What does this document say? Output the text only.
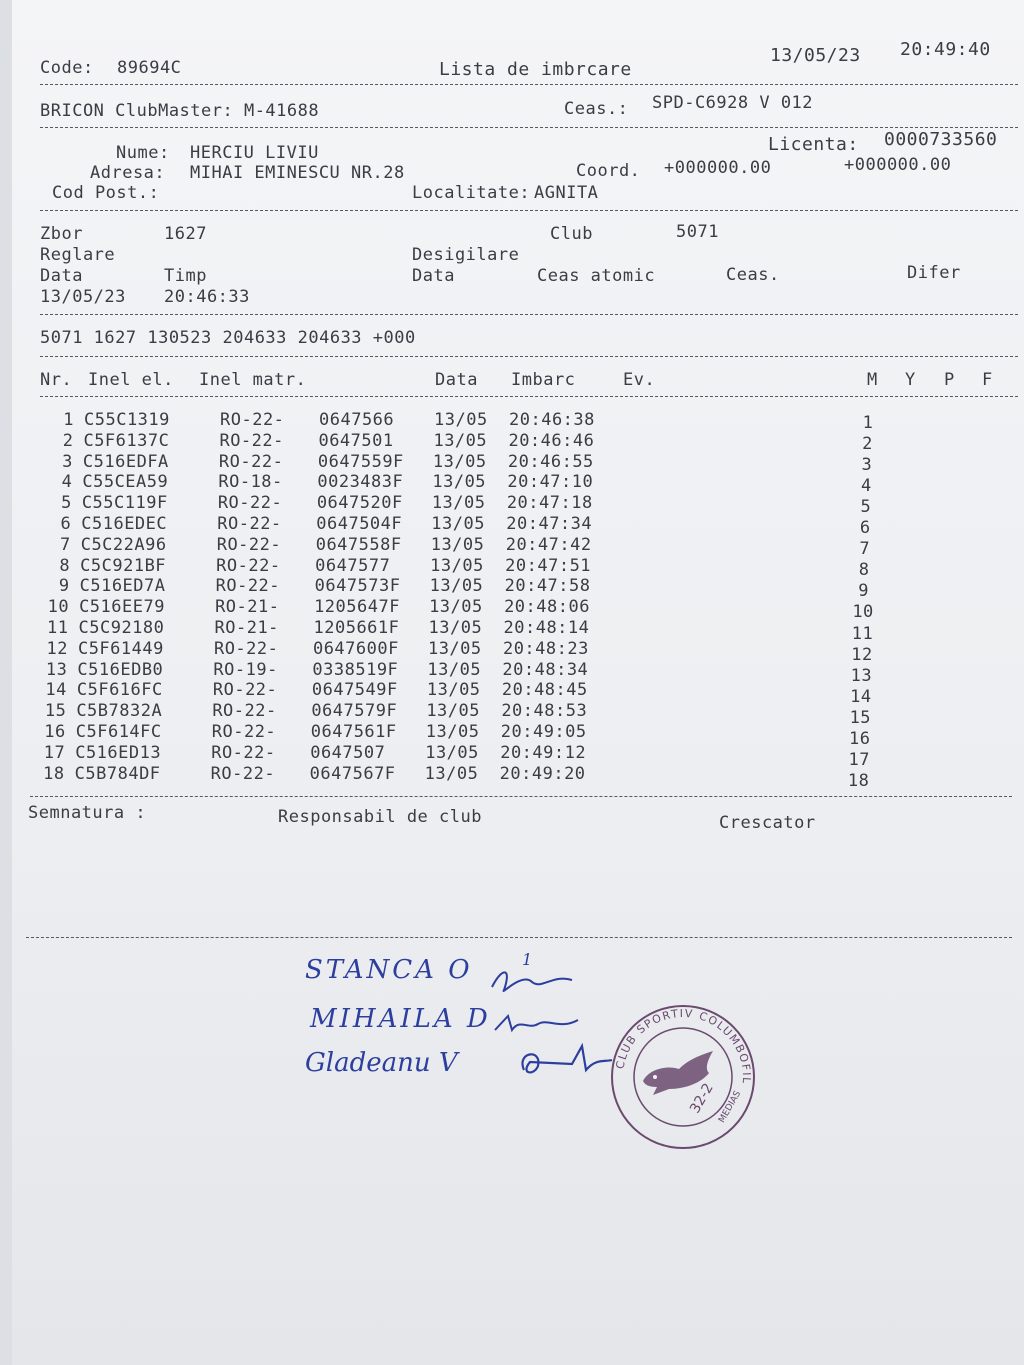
Code: 89694C	Lista de imbrcare
13/05/23 20:49:40
BRICON ClubMaster: M-41688	Ceas.: SPD-C6928 V 012
Nume: HERCIU LIVIU	Licenta: 0000733560
Adresa: MIHAI EMINESCU NR.28	Coord. +000000.00	+000000.00
Cod Post.:	Localitate: AGNITA
Zbor	1627	Club	5071
Reglare	Desigilare
Data	Timp	Data	Ceas atomic	Ceas.	Difer
13/05/23 20:46:33
5071 1627 130523 204633 204633 +000
Nr. Inel el. Inel matr.	Data Imbarc	Ev.	M Y P F
1 C55C1319	RO-22- 0647566 13/05 20:46:38	1
2 C5F6137C	RO-22- 0647501 13/05 20:46:46	2
3 C516EDFA	RO-22- 0647559F 13/05 20:46:55	3
4 C55CEA59	RO-18- 0023483F 13/05 20:47:10	4
5 C55C119F	RO-22- 0647520F 13/05 20:47:18	5
6 C516EDEC	RO-22- 0647504F 13/05 20:47:34	6
7 C5C22A96	RO-22- 0647558F 13/05 20:47:42	7
8 C5C921BF	RO-22- 0647577 13/05 20:47:51	8
9 C516ED7A	RO-22- 0647573F 13/05 20:47:58	9
10 C516EE79	RO-21- 1205647F 13/05 20:48:06	10
11 C5C92180	RO-21- 1205661F 13/05 20:48:14	11
12 C5F61449	RO-22- 0647600F 13/05 20:48:23	12
13 C516EDB0	RO-19- 0338519F 13/05 20:48:34	13
14 C5F616FC	RO-22- 0647549F 13/05 20:48:45	14
15 C5B7832A	RO-22- 0647579F 13/05 20:48:53	15
16 C5F614FC	RO-22- 0647561F 13/05 20:49:05	16
17 C516ED13	RO-22- 0647507 13/05 20:49:12	17
18 C5B784DF	RO-22- 0647567F 13/05 20:49:20	18
Semnatura :	Responsabil de club	Crescator
STANCA O	1
MIHAILA D
Gladeanu V	CLUB SPORTIV COLUMBOFIL
32-2 MEDIAS
